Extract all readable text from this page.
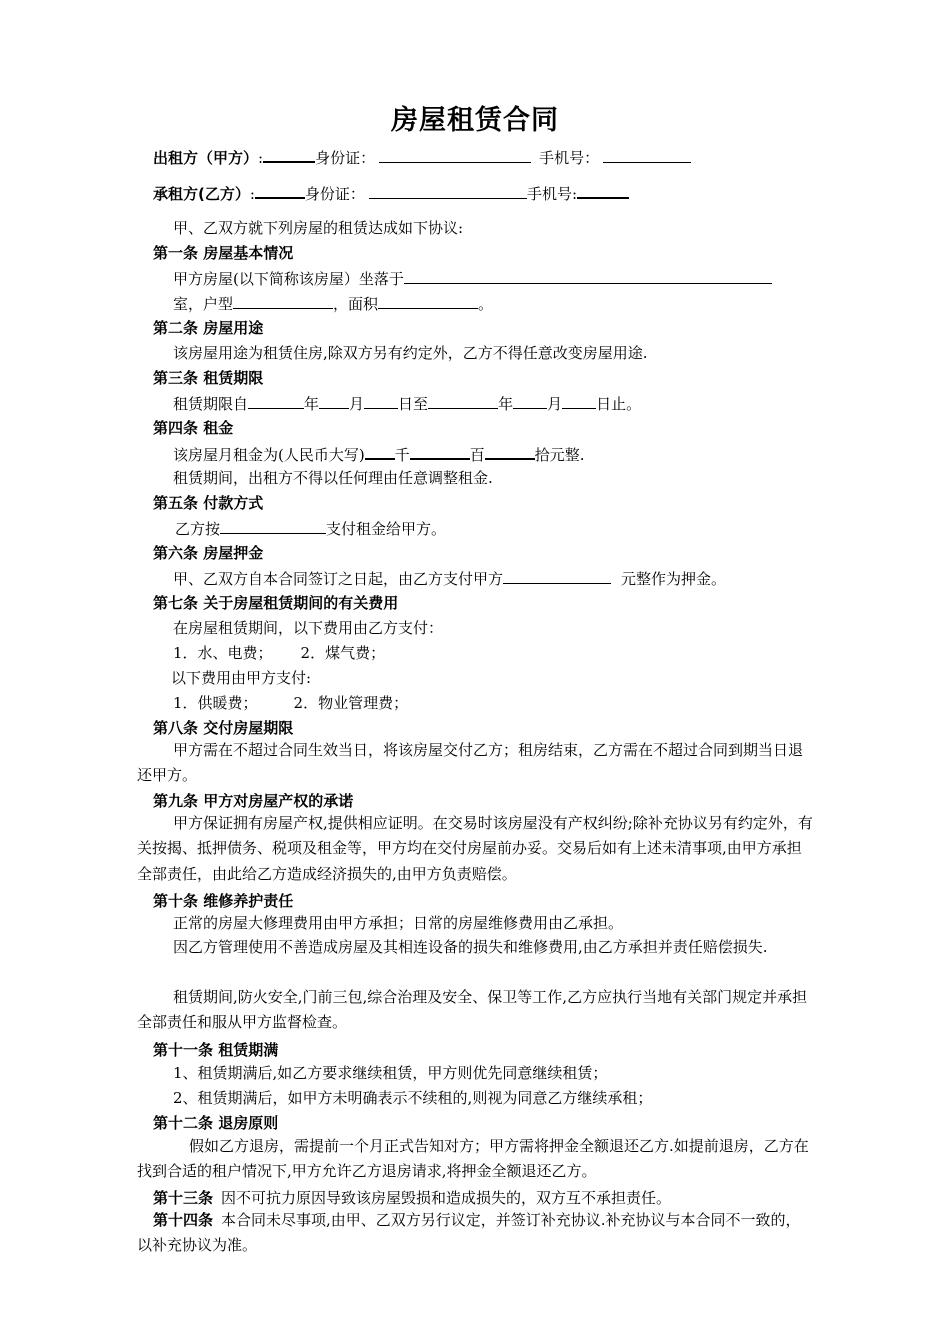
房屋租赁合同
出租方（甲方）:	身份证：	手机号：
承租方(乙方）:	身份证：	手机号:
甲、乙双方就下列房屋的租赁达成如下协议:
第一条 房屋基本情况
甲方房屋(以下简称该房屋）坐落于
室，户型	，面积	。
第二条 房屋用途
该房屋用途为租赁住房,除双方另有约定外，乙方不得任意改变房屋用途.
第三条 租赁期限
租赁期限自	年 月 日至	年 月 日止。
第四条 租金
该房屋月租金为(人民币大写) 千	百	拾元整.
租赁期间，出租方不得以任何理由任意调整租金.
第五条 付款方式
乙方按	支付租金给甲方。
第六条 房屋押金
甲、乙双方自本合同签订之日起，由乙方支付甲方	元整作为押金。
第七条 关于房屋租赁期间的有关费用
在房屋租赁期间，以下费用由乙方支付：
1．水、电费； 2．煤气费；
以下费用由甲方支付:
1．供暖费； 2．物业管理费；
第八条 交付房屋期限
甲方需在不超过合同生效当日，将该房屋交付乙方；租房结束，乙方需在不超过合同到期当日退还甲方。
第九条 甲方对房屋产权的承诺
甲方保证拥有房屋产权,提供相应证明。在交易时该房屋没有产权纠纷;除补充协议另有约定外，有关按揭、抵押债务、税项及租金等，甲方均在交付房屋前办妥。交易后如有上述未清事项,由甲方承担全部责任，由此给乙方造成经济损失的,由甲方负责赔偿。
第十条 维修养护责任
正常的房屋大修理费用由甲方承担；日常的房屋维修费用由乙承担。
因乙方管理使用不善造成房屋及其相连设备的损失和维修费用,由乙方承担并责任赔偿损失.
租赁期间,防火安全,门前三包,综合治理及安全、保卫等工作,乙方应执行当地有关部门规定并承担全部责任和服从甲方监督检查。
第十一条 租赁期满
1、租赁期满后,如乙方要求继续租赁，甲方则优先同意继续租赁；
2、租赁期满后，如甲方未明确表示不续租的,则视为同意乙方继续承租；
第十二条 退房原则
假如乙方退房，需提前一个月正式告知对方；甲方需将押金全额退还乙方.如提前退房，乙方在找到合适的租户情况下,甲方允许乙方退房请求,将押金全额退还乙方。
第十三条 因不可抗力原因导致该房屋毁损和造成损失的，双方互不承担责任。
第十四条 本合同未尽事项,由甲、乙双方另行议定，并签订补充协议.补充协议与本合同不一致的，以补充协议为准。
